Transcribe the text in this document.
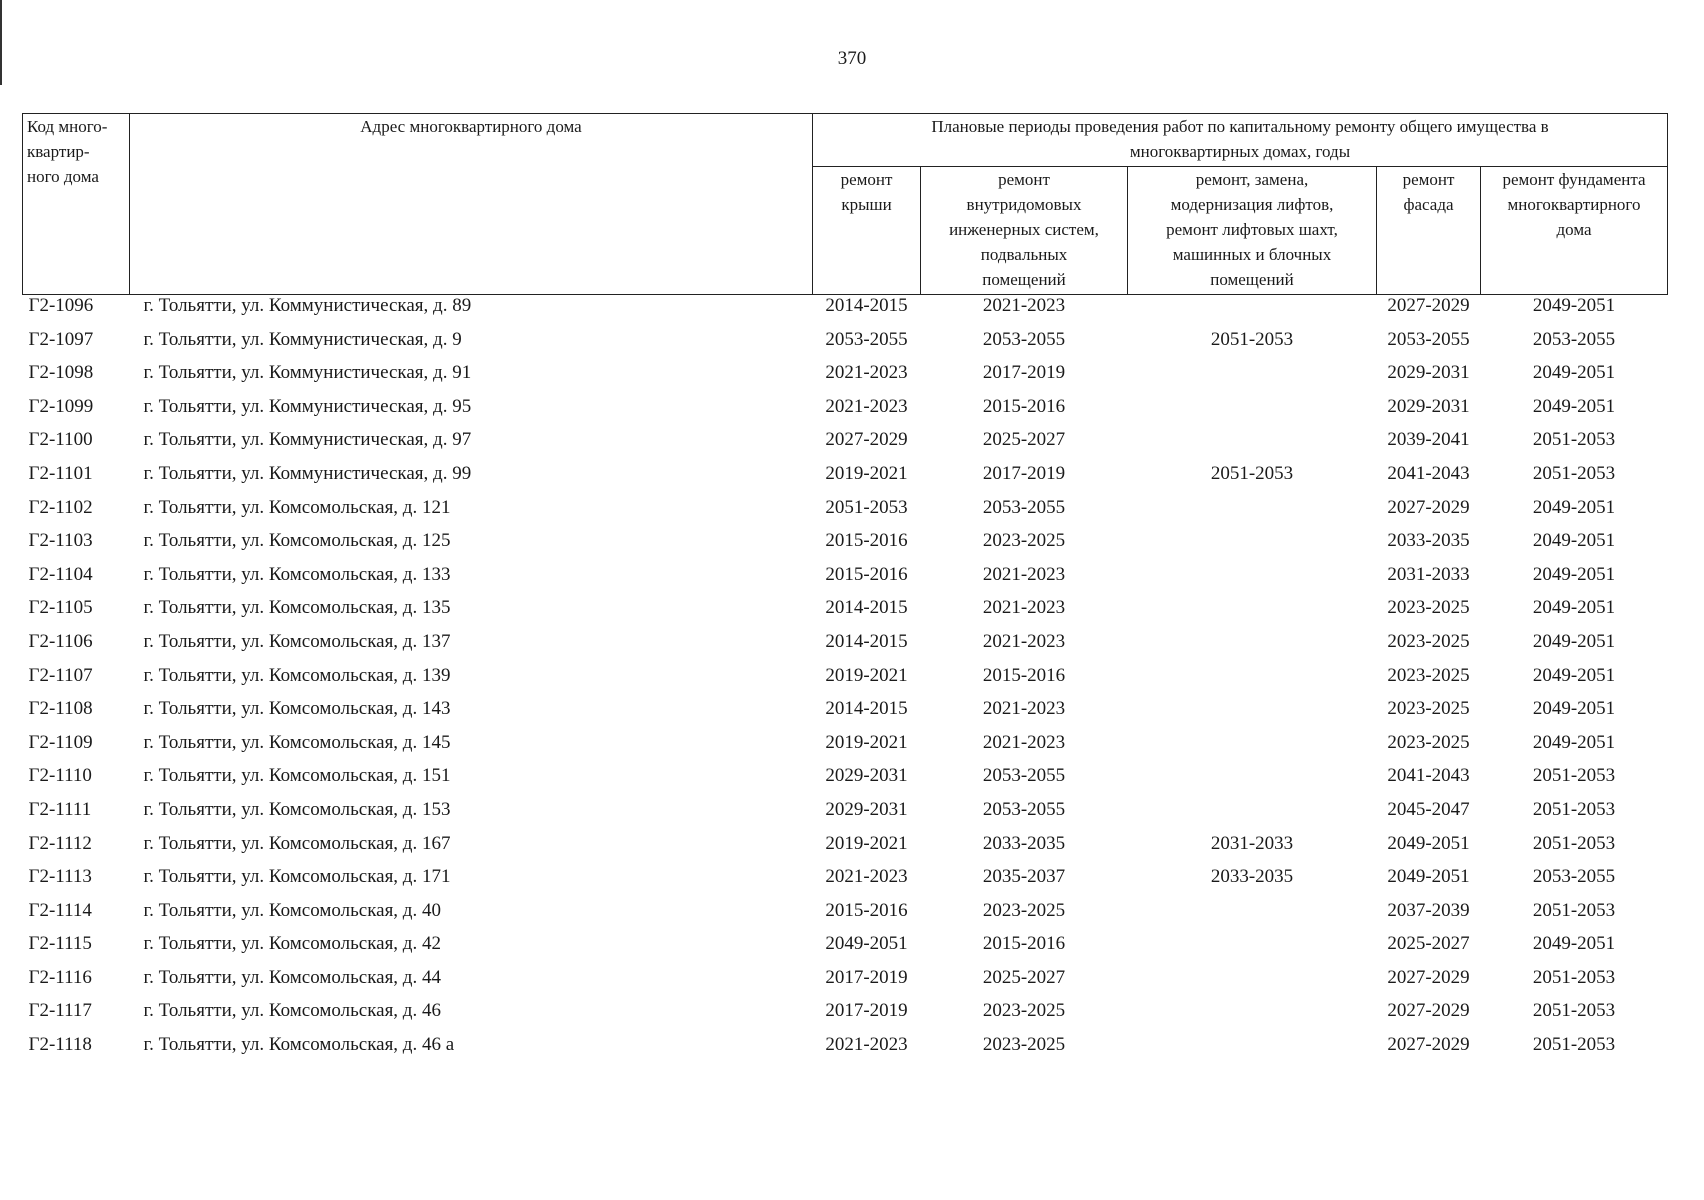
370
Код много-
квартир-
ного дома	Адрес многоквартирного дома	Плановые периоды проведения работ по капитальному ремонту общего имущества в
многоквартирных домах, годы				

		ремонт
крыши	ремонт
внутридомовых
инженерных систем,
подвальных
помещений	ремонт, замена,
модернизация лифтов,
ремонт лифтовых шахт,
машинных и блочных
помещений	ремонт
фасада	ремонт фундамента
многоквартирного
дома

Г2-1096	г. Тольятти, ул. Коммунистическая, д. 89	2014-2015	2021-2023		2027-2029	2049-2051
Г2-1097	г. Тольятти, ул. Коммунистическая, д. 9	2053-2055	2053-2055	2051-2053	2053-2055	2053-2055
Г2-1098	г. Тольятти, ул. Коммунистическая, д. 91	2021-2023	2017-2019		2029-2031	2049-2051
Г2-1099	г. Тольятти, ул. Коммунистическая, д. 95	2021-2023	2015-2016		2029-2031	2049-2051
Г2-1100	г. Тольятти, ул. Коммунистическая, д. 97	2027-2029	2025-2027		2039-2041	2051-2053
Г2-1101	г. Тольятти, ул. Коммунистическая, д. 99	2019-2021	2017-2019	2051-2053	2041-2043	2051-2053
Г2-1102	г. Тольятти, ул. Комсомольская, д. 121	2051-2053	2053-2055		2027-2029	2049-2051
Г2-1103	г. Тольятти, ул. Комсомольская, д. 125	2015-2016	2023-2025		2033-2035	2049-2051
Г2-1104	г. Тольятти, ул. Комсомольская, д. 133	2015-2016	2021-2023		2031-2033	2049-2051
Г2-1105	г. Тольятти, ул. Комсомольская, д. 135	2014-2015	2021-2023		2023-2025	2049-2051
Г2-1106	г. Тольятти, ул. Комсомольская, д. 137	2014-2015	2021-2023		2023-2025	2049-2051
Г2-1107	г. Тольятти, ул. Комсомольская, д. 139	2019-2021	2015-2016		2023-2025	2049-2051
Г2-1108	г. Тольятти, ул. Комсомольская, д. 143	2014-2015	2021-2023		2023-2025	2049-2051
Г2-1109	г. Тольятти, ул. Комсомольская, д. 145	2019-2021	2021-2023		2023-2025	2049-2051
Г2-1110	г. Тольятти, ул. Комсомольская, д. 151	2029-2031	2053-2055		2041-2043	2051-2053
Г2-1111	г. Тольятти, ул. Комсомольская, д. 153	2029-2031	2053-2055		2045-2047	2051-2053
Г2-1112	г. Тольятти, ул. Комсомольская, д. 167	2019-2021	2033-2035	2031-2033	2049-2051	2051-2053
Г2-1113	г. Тольятти, ул. Комсомольская, д. 171	2021-2023	2035-2037	2033-2035	2049-2051	2053-2055
Г2-1114	г. Тольятти, ул. Комсомольская, д. 40	2015-2016	2023-2025		2037-2039	2051-2053
Г2-1115	г. Тольятти, ул. Комсомольская, д. 42	2049-2051	2015-2016		2025-2027	2049-2051
Г2-1116	г. Тольятти, ул. Комсомольская, д. 44	2017-2019	2025-2027		2027-2029	2051-2053
Г2-1117	г. Тольятти, ул. Комсомольская, д. 46	2017-2019	2023-2025		2027-2029	2051-2053
Г2-1118	г. Тольятти, ул. Комсомольская, д. 46 а	2021-2023	2023-2025		2027-2029	2051-2053
